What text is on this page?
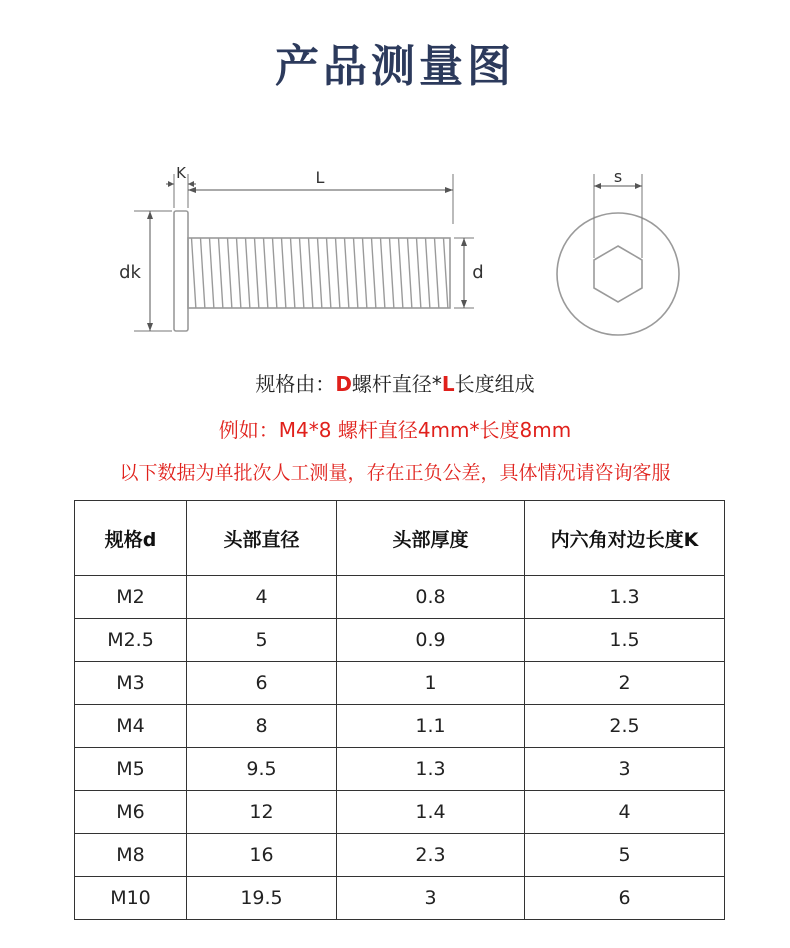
产品测量图
K	L
dk	d
s
规格由：D螺杆直径*L长度组成
例如：M4*8 螺杆直径4mm*长度8mm
以下数据为单批次人工测量，存在正负公差，具体情况请咨询客服
规格d	头部直径	头部厚度	内六角对边长度K
M2	4	0.8	1.3
M2.5	5	0.9	1.5
M3	6	1	2
M4	8	1.1	2.5
M5	9.5	1.3	3
M6	12	1.4	4
M8	16	2.3	5
M10	19.5	3	6
